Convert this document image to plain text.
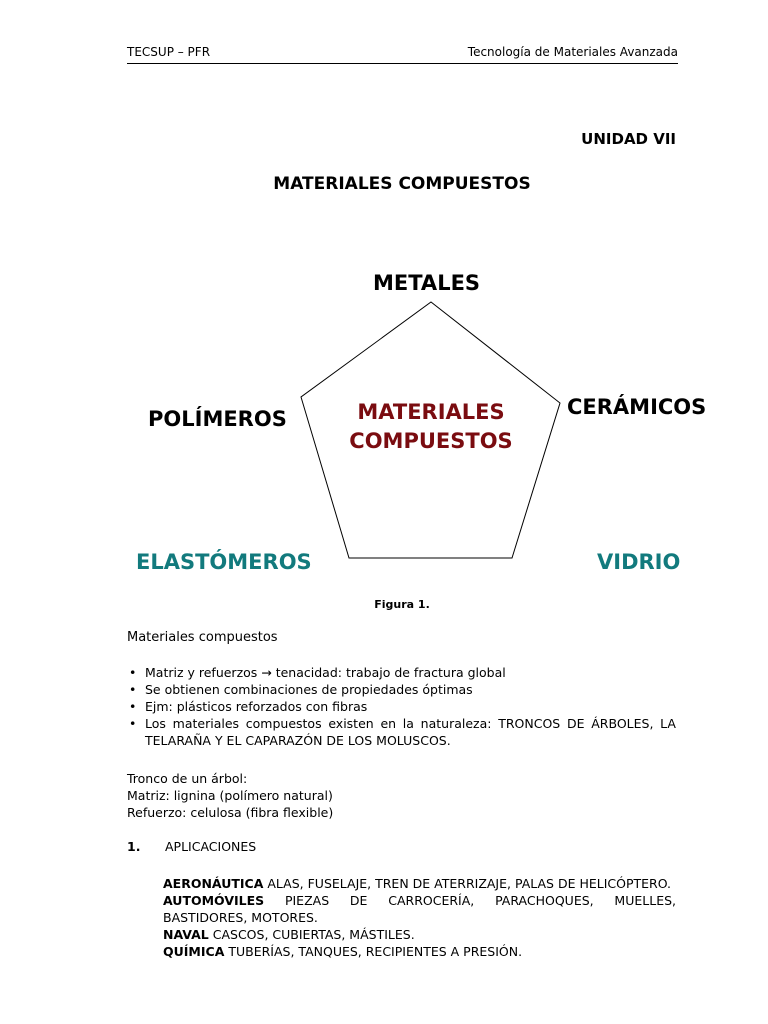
TECSUP – PFR	Tecnología de Materiales Avanzada
UNIDAD VII
MATERIALES COMPUESTOS
METALES
POLÍMEROS	CERÁMICOS
ELASTÓMEROS	VIDRIO
MATERIALES
COMPUESTOS
Figura 1.
Materiales compuestos
• Matriz y refuerzos → tenacidad: trabajo de fractura global
• Se obtienen combinaciones de propiedades óptimas
• Ejm: plásticos reforzados con fibras
• Los materiales compuestos existen en la naturaleza: TRONCOS DE ÁRBOLES, LA TELARAÑA Y EL CAPARAZÓN DE LOS MOLUSCOS.
Tronco de un árbol:
Matriz: lignina (polímero natural)
Refuerzo: celulosa (fibra flexible)
1. APLICACIONES
AERONÁUTICA ALAS, FUSELAJE, TREN DE ATERRIZAJE, PALAS DE HELICÓPTERO.
AUTOMÓVILES PIEZAS DE CARROCERÍA, PARACHOQUES, MUELLES, BASTIDORES, MOTORES.
NAVAL CASCOS, CUBIERTAS, MÁSTILES.
QUÍMICA TUBERÍAS, TANQUES, RECIPIENTES A PRESIÓN.
